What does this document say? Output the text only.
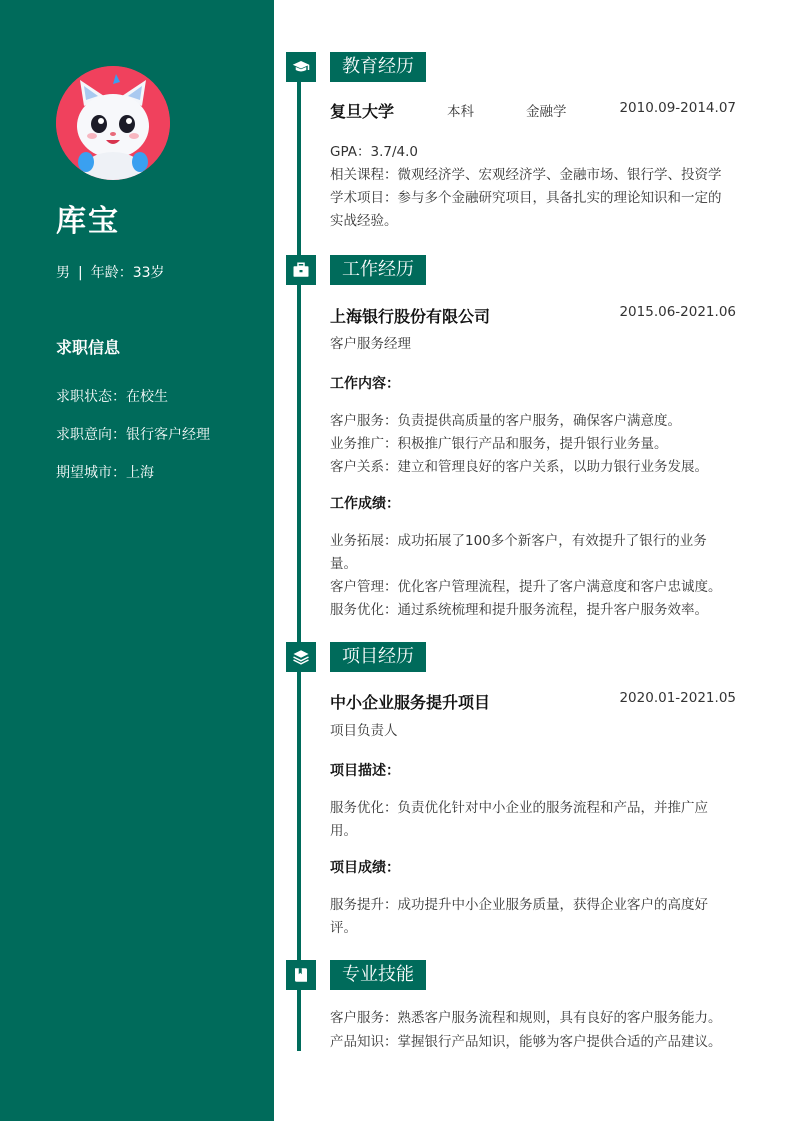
库宝
男 | 年龄：33岁
求职信息
求职状态：在校生
求职意向：银行客户经理
期望城市：上海
教育经历
复旦大学	本科	金融学	2010.09-2014.07
GPA：3.7/4.0
相关课程：微观经济学、宏观经济学、金融市场、银行学、投资学
学术项目：参与多个金融研究项目，具备扎实的理论知识和一定的
实战经验。
工作经历
上海银行股份有限公司	2015.06-2021.06
客户服务经理
工作内容：
客户服务：负责提供高质量的客户服务，确保客户满意度。
业务推广：积极推广银行产品和服务，提升银行业务量。
客户关系：建立和管理良好的客户关系，以助力银行业务发展。
工作成绩：
业务拓展：成功拓展了100多个新客户，有效提升了银行的业务
量。
客户管理：优化客户管理流程，提升了客户满意度和客户忠诚度。
服务优化：通过系统梳理和提升服务流程，提升客户服务效率。
项目经历
中小企业服务提升项目	2020.01-2021.05
项目负责人
项目描述：
服务优化：负责优化针对中小企业的服务流程和产品，并推广应
用。
项目成绩：
服务提升：成功提升中小企业服务质量，获得企业客户的高度好
评。
专业技能
客户服务：熟悉客户服务流程和规则，具有良好的客户服务能力。
产品知识：掌握银行产品知识，能够为客户提供合适的产品建议。
